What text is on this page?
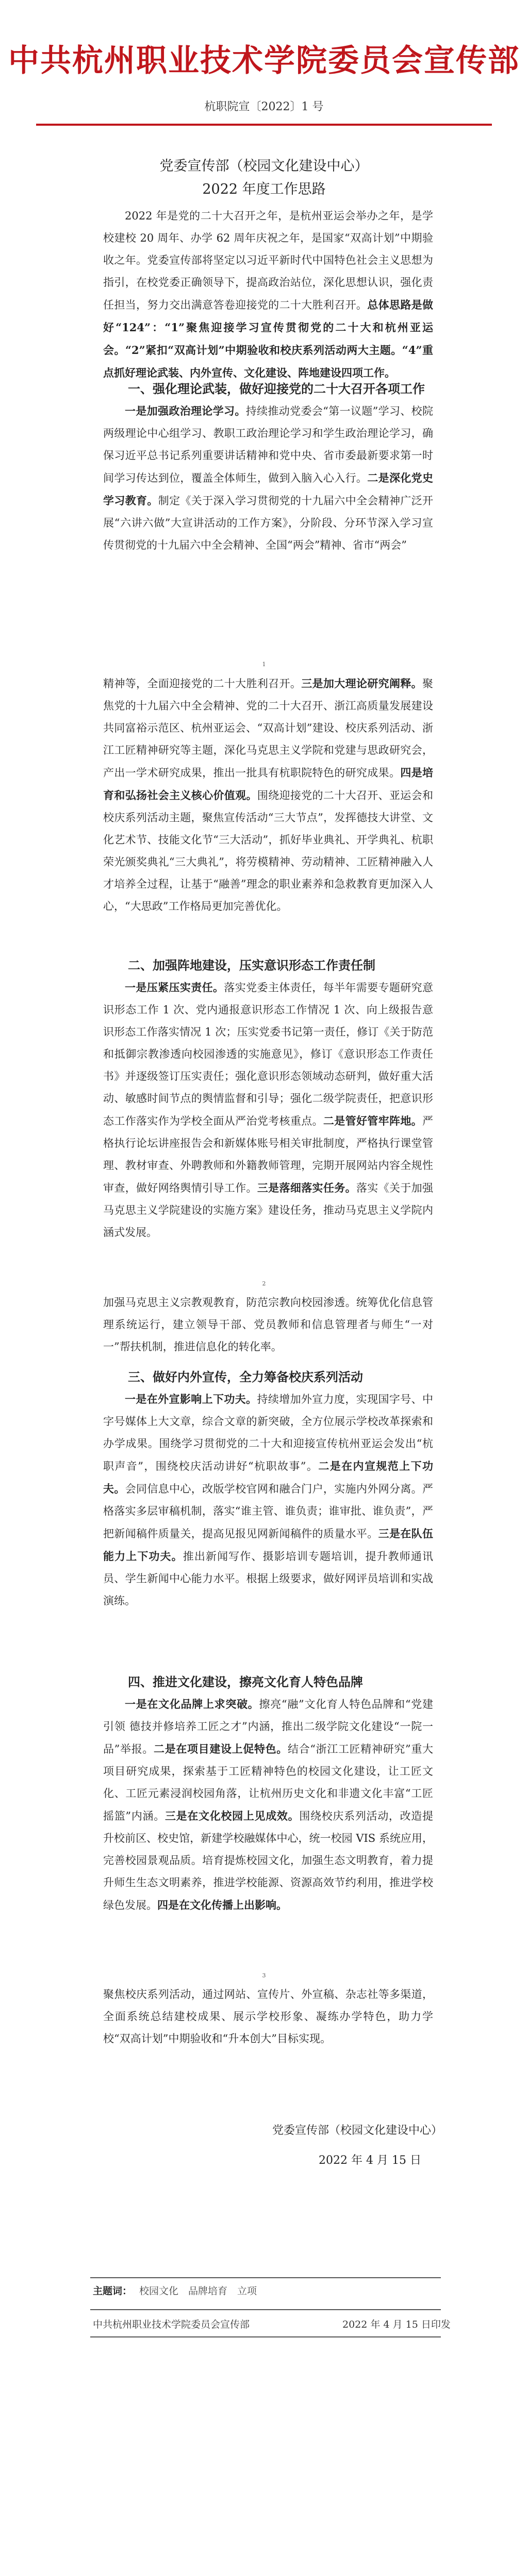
中共杭州职业技术学院委员会宣传部
杭职院宣〔2022〕1 号
党委宣传部（校园文化建设中心）
2022 年度工作思路

2022 年是党的二十大召开之年，是杭州亚运会举办之年，是学校建校 20 周年、办学 62 周年庆祝之年，是国家“双高计划”中期验收之年。党委宣传部将坚定以习近平新时代中国特色社会主义思想为指引，在校党委正确领导下，提高政治站位，深化思想认识，强化责任担当，努力交出满意答卷迎接党的二十大胜利召开。总体思路是做好“124”：“1”聚焦迎接学习宣传贯彻党的二十大和杭州亚运会。“2”紧扣“双高计划”中期验收和校庆系列活动两大主题。“4”重点抓好理论武装、内外宣传、文化建设、阵地建设四项工作。

一、强化理论武装，做好迎接党的二十大召开各项工作

一是加强政治理论学习。持续推动党委会“第一议题”学习、校院两级理论中心组学习、教职工政治理论学习和学生政治理论学习，确保习近平总书记系列重要讲话精神和党中央、省市委最新要求第一时间学习传达到位，覆盖全体师生，做到入脑入心入行。二是深化党史学习教育。制定《关于深入学习贯彻党的十九届六中全会精神广泛开展“六讲六做”大宣讲活动的工作方案》，分阶段、分环节深入学习宣传贯彻党的十九届六中全会精神、全国“两会”精神、省市“两会”

1

精神等，全面迎接党的二十大胜利召开。三是加大理论研究阐释。聚焦党的十九届六中全会精神、党的二十大召开、浙江高质量发展建设共同富裕示范区、杭州亚运会、“双高计划”建设、校庆系列活动、浙江工匠精神研究等主题，深化马克思主义学院和党建与思政研究会，产出一学术研究成果，推出一批具有杭职院特色的研究成果。四是培育和弘扬社会主义核心价值观。围绕迎接党的二十大召开、亚运会和校庆系列活动主题，聚焦宣传活动“三大节点”，发挥德技大讲堂、文化艺术节、技能文化节“三大活动”，抓好毕业典礼、开学典礼、杭职荣光颁奖典礼“三大典礼”，将劳模精神、劳动精神、工匠精神融入人才培养全过程，让基于“融善”理念的职业素养和急救教育更加深入人心，“大思政”工作格局更加完善优化。

二、加强阵地建设，压实意识形态工作责任制

一是压紧压实责任。落实党委主体责任，每半年需要专题研究意识形态工作 1 次、党内通报意识形态工作情况 1 次、向上级报告意识形态工作落实情况 1 次；压实党委书记第一责任，修订《关于防范和抵御宗教渗透向校园渗透的实施意见》，修订《意识形态工作责任书》并逐级签订压实责任；强化意识形态领域动态研判，做好重大活动、敏感时间节点的舆情监督和引导；强化二级学院责任，把意识形态工作落实作为学校全面从严治党考核重点。二是管好管牢阵地。严格执行论坛讲座报告会和新媒体账号相关审批制度，严格执行课堂管理、教材审查、外聘教师和外籍教师管理，完期开展网站内容全规性审查，做好网络舆情引导工作。三是落细落实任务。落实《关于加强马克思主义学院建设的实施方案》建设任务，推动马克思主义学院内涵式发展。

2

加强马克思主义宗教观教育，防范宗教向校园渗透。统筹优化信息管理系统运行，建立领导干部、党员教师和信息管理者与师生“一对一”帮扶机制，推进信息化的转化率。

三、做好内外宣传，全力筹备校庆系列活动

一是在外宣影响上下功夫。持续增加外宣力度，实现国字号、中字号媒体上大文章，综合文章的新突破，全方位展示学校改革探索和办学成果。围绕学习贯彻党的二十大和迎接宣传杭州亚运会发出“杭职声音”，围绕校庆活动讲好“杭职故事”。二是在内宣规范上下功夫。会同信息中心，改版学校官网和融合门户，实施内外网分离。严格落实多层审稿机制，落实“谁主管、谁负责；谁审批、谁负责”，严把新闻稿件质量关，提高见报见网新闻稿件的质量水平。三是在队伍能力上下功夫。推出新闻写作、摄影培训专题培训，提升教师通讯员、学生新闻中心能力水平。根据上级要求，做好网评员培训和实战演练。

四、推进文化建设，擦亮文化育人特色品牌

一是在文化品牌上求突破。擦亮“融”文化育人特色品牌和“党建引领 德技并修培养工匠之才”内涵，推出二级学院文化建设“一院一品”举报。二是在项目建设上促特色。结合“浙江工匠精神研究”重大项目研究成果，探索基于工匠精神特色的校园文化建设，让工匠文化、工匠元素浸润校园角落，让杭州历史文化和非遗文化丰富“工匠摇篮”内涵。三是在文化校园上见成效。围绕校庆系列活动，改造提升校前区、校史馆，新建学校融媒体中心，统一校园 VIS 系统应用，完善校园景观品质。培育提炼校园文化，加强生态文明教育，着力提升师生生态文明素养，推进学校能源、资源高效节约利用，推进学校绿色发展。四是在文化传播上出影响。

3

聚焦校庆系列活动，通过网站、宣传片、外宣稿、杂志社等多渠道，全面系统总结建校成果、展示学校形象、凝练办学特色，助力学校“双高计划”中期验收和“升本创大”目标实现。

党委宣传部（校园文化建设中心）
2022 年 4 月 15 日
主题词： 校园文化　品牌培育　立项
中共杭州职业技术学院委员会宣传部	2022 年 4 月 15 日印发
